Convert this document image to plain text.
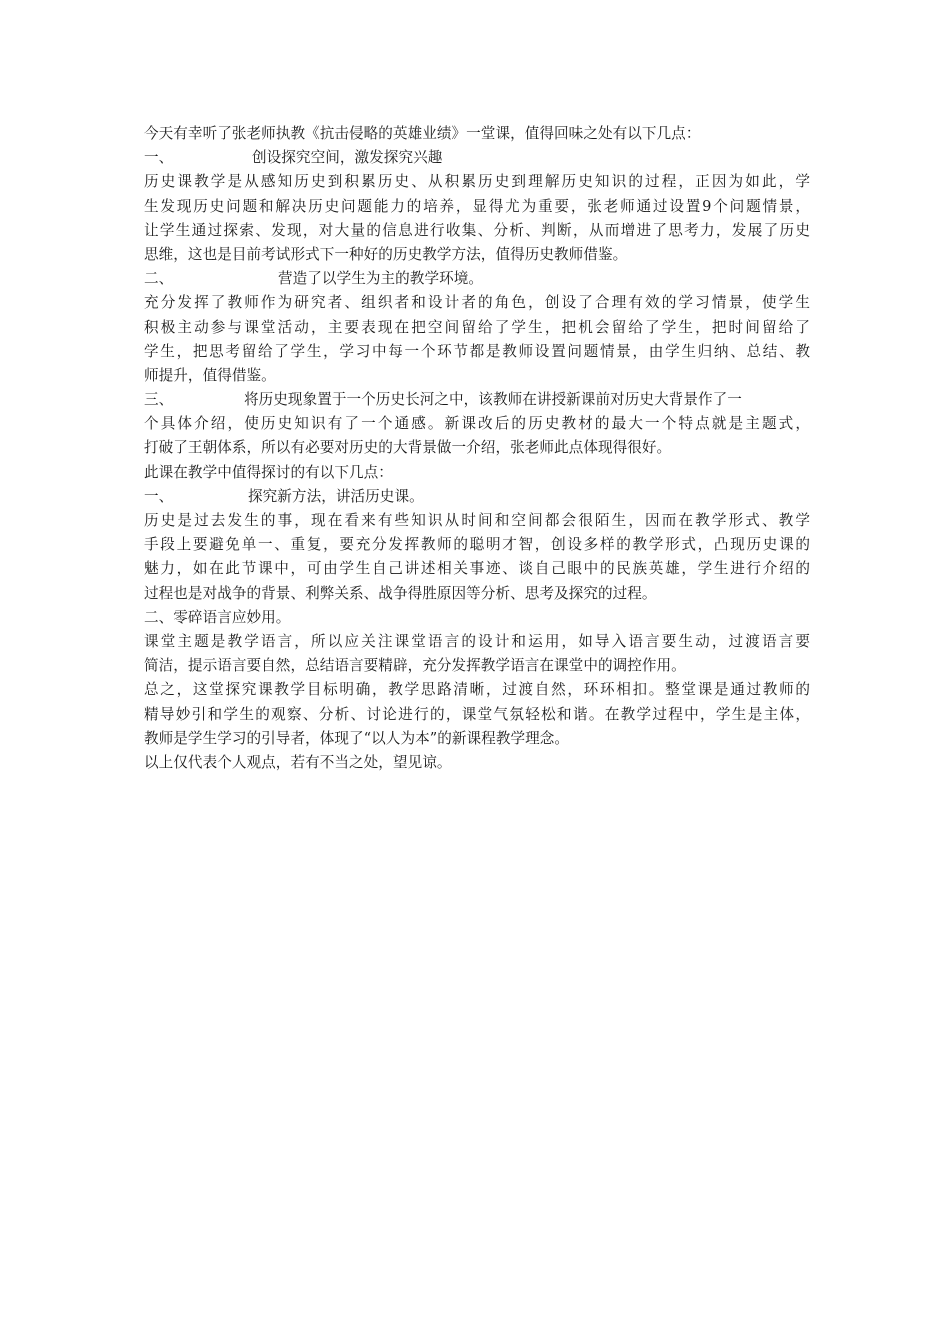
今天有幸听了张老师执教《抗击侵略的英雄业绩》一堂课，值得回味之处有以下几点：

一、	创设探究空间，激发探究兴趣

历史课教学是从感知历史到积累历史、从积累历史到理解历史知识的过程，正因为如此，学

生发现历史问题和解决历史问题能力的培养，显得尤为重要，张老师通过设置9个问题情景，

让学生通过探索、发现，对大量的信息进行收集、分析、判断，从而增进了思考力，发展了历史

思维，这也是目前考试形式下一种好的历史教学方法，值得历史教师借鉴。

二、	营造了以学生为主的教学环境。

充分发挥了教师作为研究者、组织者和设计者的角色，创设了合理有效的学习情景，使学生

积极主动参与课堂活动，主要表现在把空间留给了学生，把机会留给了学生，把时间留给了

学生，把思考留给了学生，学习中每一个环节都是教师设置问题情景，由学生归纳、总结、教

师提升，值得借鉴。

三、	将历史现象置于一个历史长河之中，该教师在讲授新课前对历史大背景作了一

个具体介绍，使历史知识有了一个通感。新课改后的历史教材的最大一个特点就是主题式，

打破了王朝体系，所以有必要对历史的大背景做一介绍，张老师此点体现得很好。

此课在教学中值得探讨的有以下几点：

一、	探究新方法，讲活历史课。

历史是过去发生的事，现在看来有些知识从时间和空间都会很陌生，因而在教学形式、教学

手段上要避免单一、重复，要充分发挥教师的聪明才智，创设多样的教学形式，凸现历史课的

魅力，如在此节课中，可由学生自己讲述相关事迹、谈自己眼中的民族英雄，学生进行介绍的

过程也是对战争的背景、利弊关系、战争得胜原因等分析、思考及探究的过程。

二、零碎语言应妙用。

课堂主题是教学语言，所以应关注课堂语言的设计和运用，如导入语言要生动，过渡语言要

简洁，提示语言要自然，总结语言要精辟，充分发挥教学语言在课堂中的调控作用。

总之，这堂探究课教学目标明确，教学思路清晰，过渡自然，环环相扣。整堂课是通过教师的

精导妙引和学生的观察、分析、讨论进行的，课堂气氛轻松和谐。在教学过程中，学生是主体，

教师是学生学习的引导者，体现了“以人为本”的新课程教学理念。

以上仅代表个人观点，若有不当之处，望见谅。
